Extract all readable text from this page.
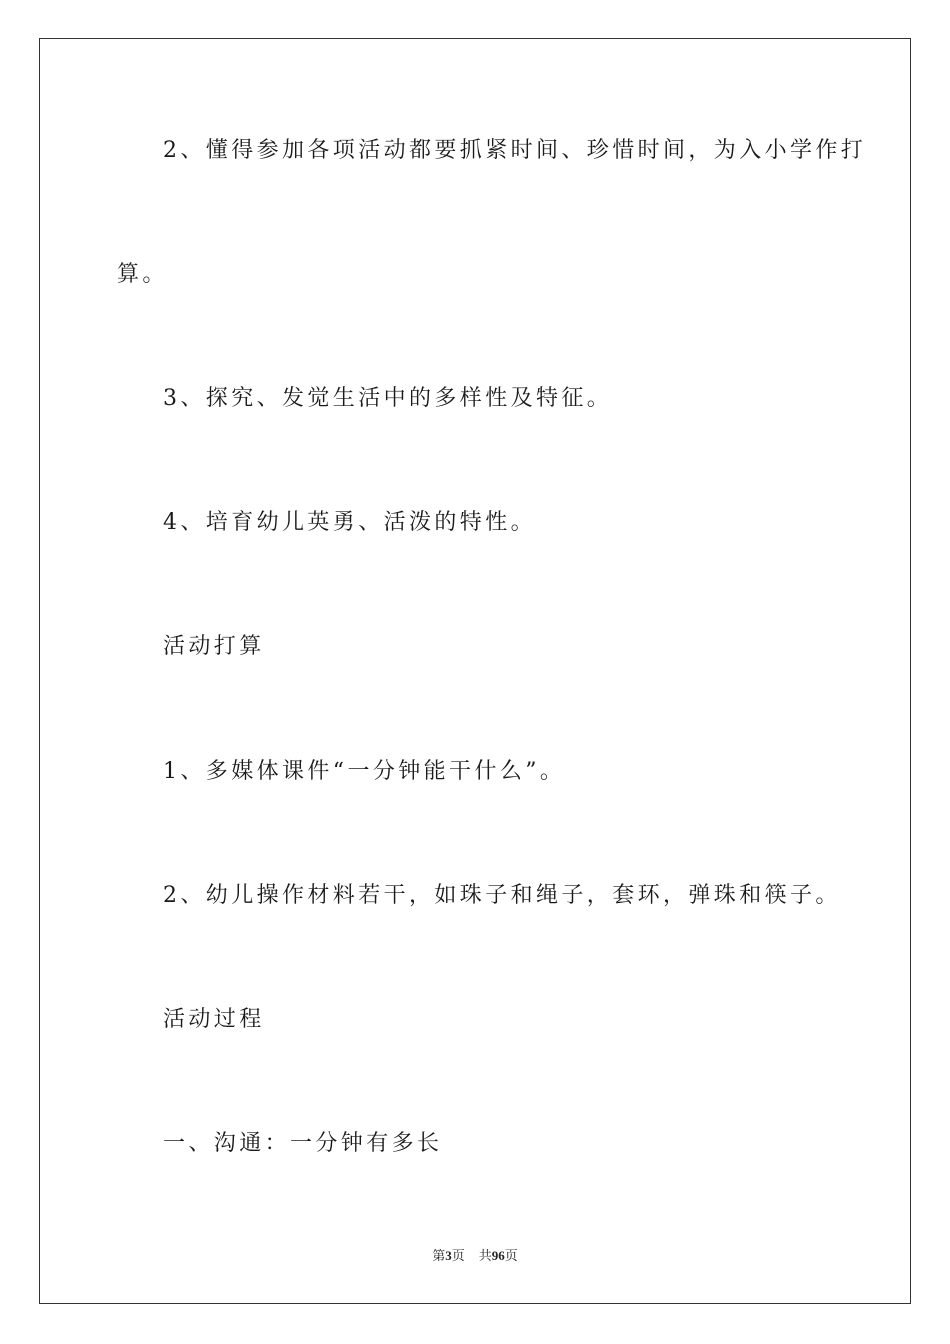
2、懂得参加各项活动都要抓紧时间、珍惜时间，为入小学作打
算。
3、探究、发觉生活中的多样性及特征。
4、培育幼儿英勇、活泼的特性。
活动打算
1、多媒体课件“一分钟能干什么”。
2、幼儿操作材料若干，如珠子和绳子，套环，弹珠和筷子。
活动过程
一、沟通：一分钟有多长
第3页 共96页
